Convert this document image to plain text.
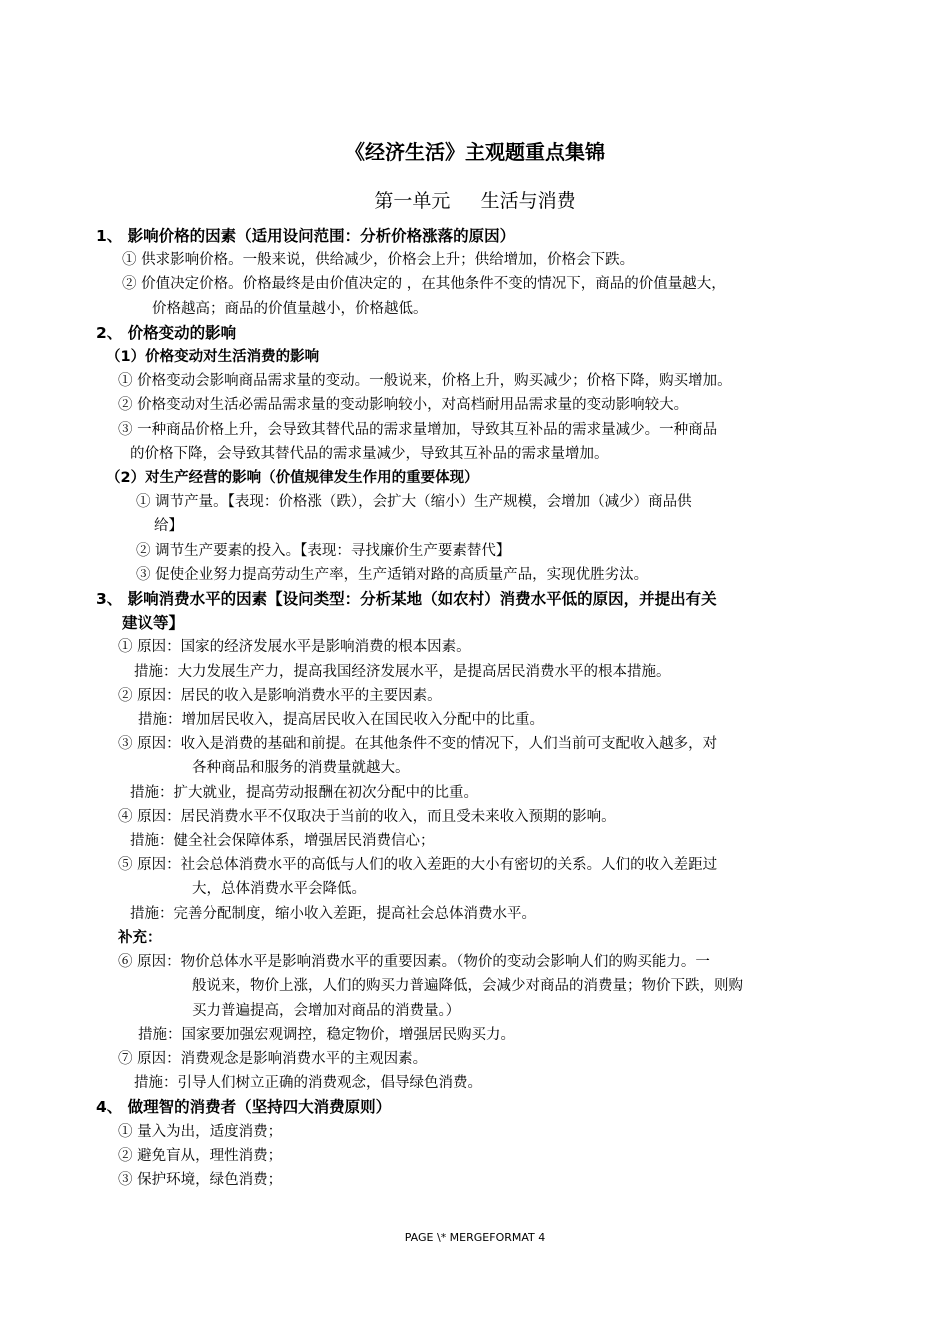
《经济生活》主观题重点集锦
第一单元     生活与消费
1、 影响价格的因素（适用设问范围：分析价格涨落的原因）
① 供求影响价格。一般来说，供给减少，价格会上升；供给增加，价格会下跌。
② 价值决定价格。价格最终是由价值决定的 ，在其他条件不变的情况下，商品的价值量越大，
价格越高；商品的价值量越小，价格越低。
2、 价格变动的影响
（1）价格变动对生活消费的影响
① 价格变动会影响商品需求量的变动。一般说来，价格上升，购买减少；价格下降，购买增加。
② 价格变动对生活必需品需求量的变动影响较小，对高档耐用品需求量的变动影响较大。
③ 一种商品价格上升，会导致其替代品的需求量增加，导致其互补品的需求量减少。一种商品
的价格下降，会导致其替代品的需求量减少，导致其互补品的需求量增加。
（2）对生产经营的影响（价值规律发生作用的重要体现）
① 调节产量。【表现：价格涨（跌），会扩大（缩小）生产规模，会增加（减少）商品供
给】
② 调节生产要素的投入。【表现：寻找廉价生产要素替代】
③ 促使企业努力提高劳动生产率，生产适销对路的高质量产品，实现优胜劣汰。
3、 影响消费水平的因素【设问类型：分析某地（如农村）消费水平低的原因，并提出有关
建议等】
① 原因：国家的经济发展水平是影响消费的根本因素。
措施：大力发展生产力，提高我国经济发展水平，是提高居民消费水平的根本措施。
② 原因：居民的收入是影响消费水平的主要因素。
措施：增加居民收入，提高居民收入在国民收入分配中的比重。
③ 原因：收入是消费的基础和前提。在其他条件不变的情况下，人们当前可支配收入越多，对
各种商品和服务的消费量就越大。
措施：扩大就业，提高劳动报酬在初次分配中的比重。
④ 原因：居民消费水平不仅取决于当前的收入，而且受未来收入预期的影响。
措施：健全社会保障体系，增强居民消费信心；
⑤ 原因：社会总体消费水平的高低与人们的收入差距的大小有密切的关系。人们的收入差距过
大，总体消费水平会降低。
措施：完善分配制度，缩小收入差距，提高社会总体消费水平。
补充：
⑥ 原因：物价总体水平是影响消费水平的重要因素。（物价的变动会影响人们的购买能力。一
般说来，物价上涨，人们的购买力普遍降低，会减少对商品的消费量；物价下跌，则购
买力普遍提高，会增加对商品的消费量。）
措施：国家要加强宏观调控，稳定物价，增强居民购买力。
⑦ 原因：消费观念是影响消费水平的主观因素。
措施：引导人们树立正确的消费观念，倡导绿色消费。
4、 做理智的消费者（坚持四大消费原则）
① 量入为出，适度消费；
② 避免盲从，理性消费；
③ 保护环境，绿色消费；
PAGE \* MERGEFORMAT 4
